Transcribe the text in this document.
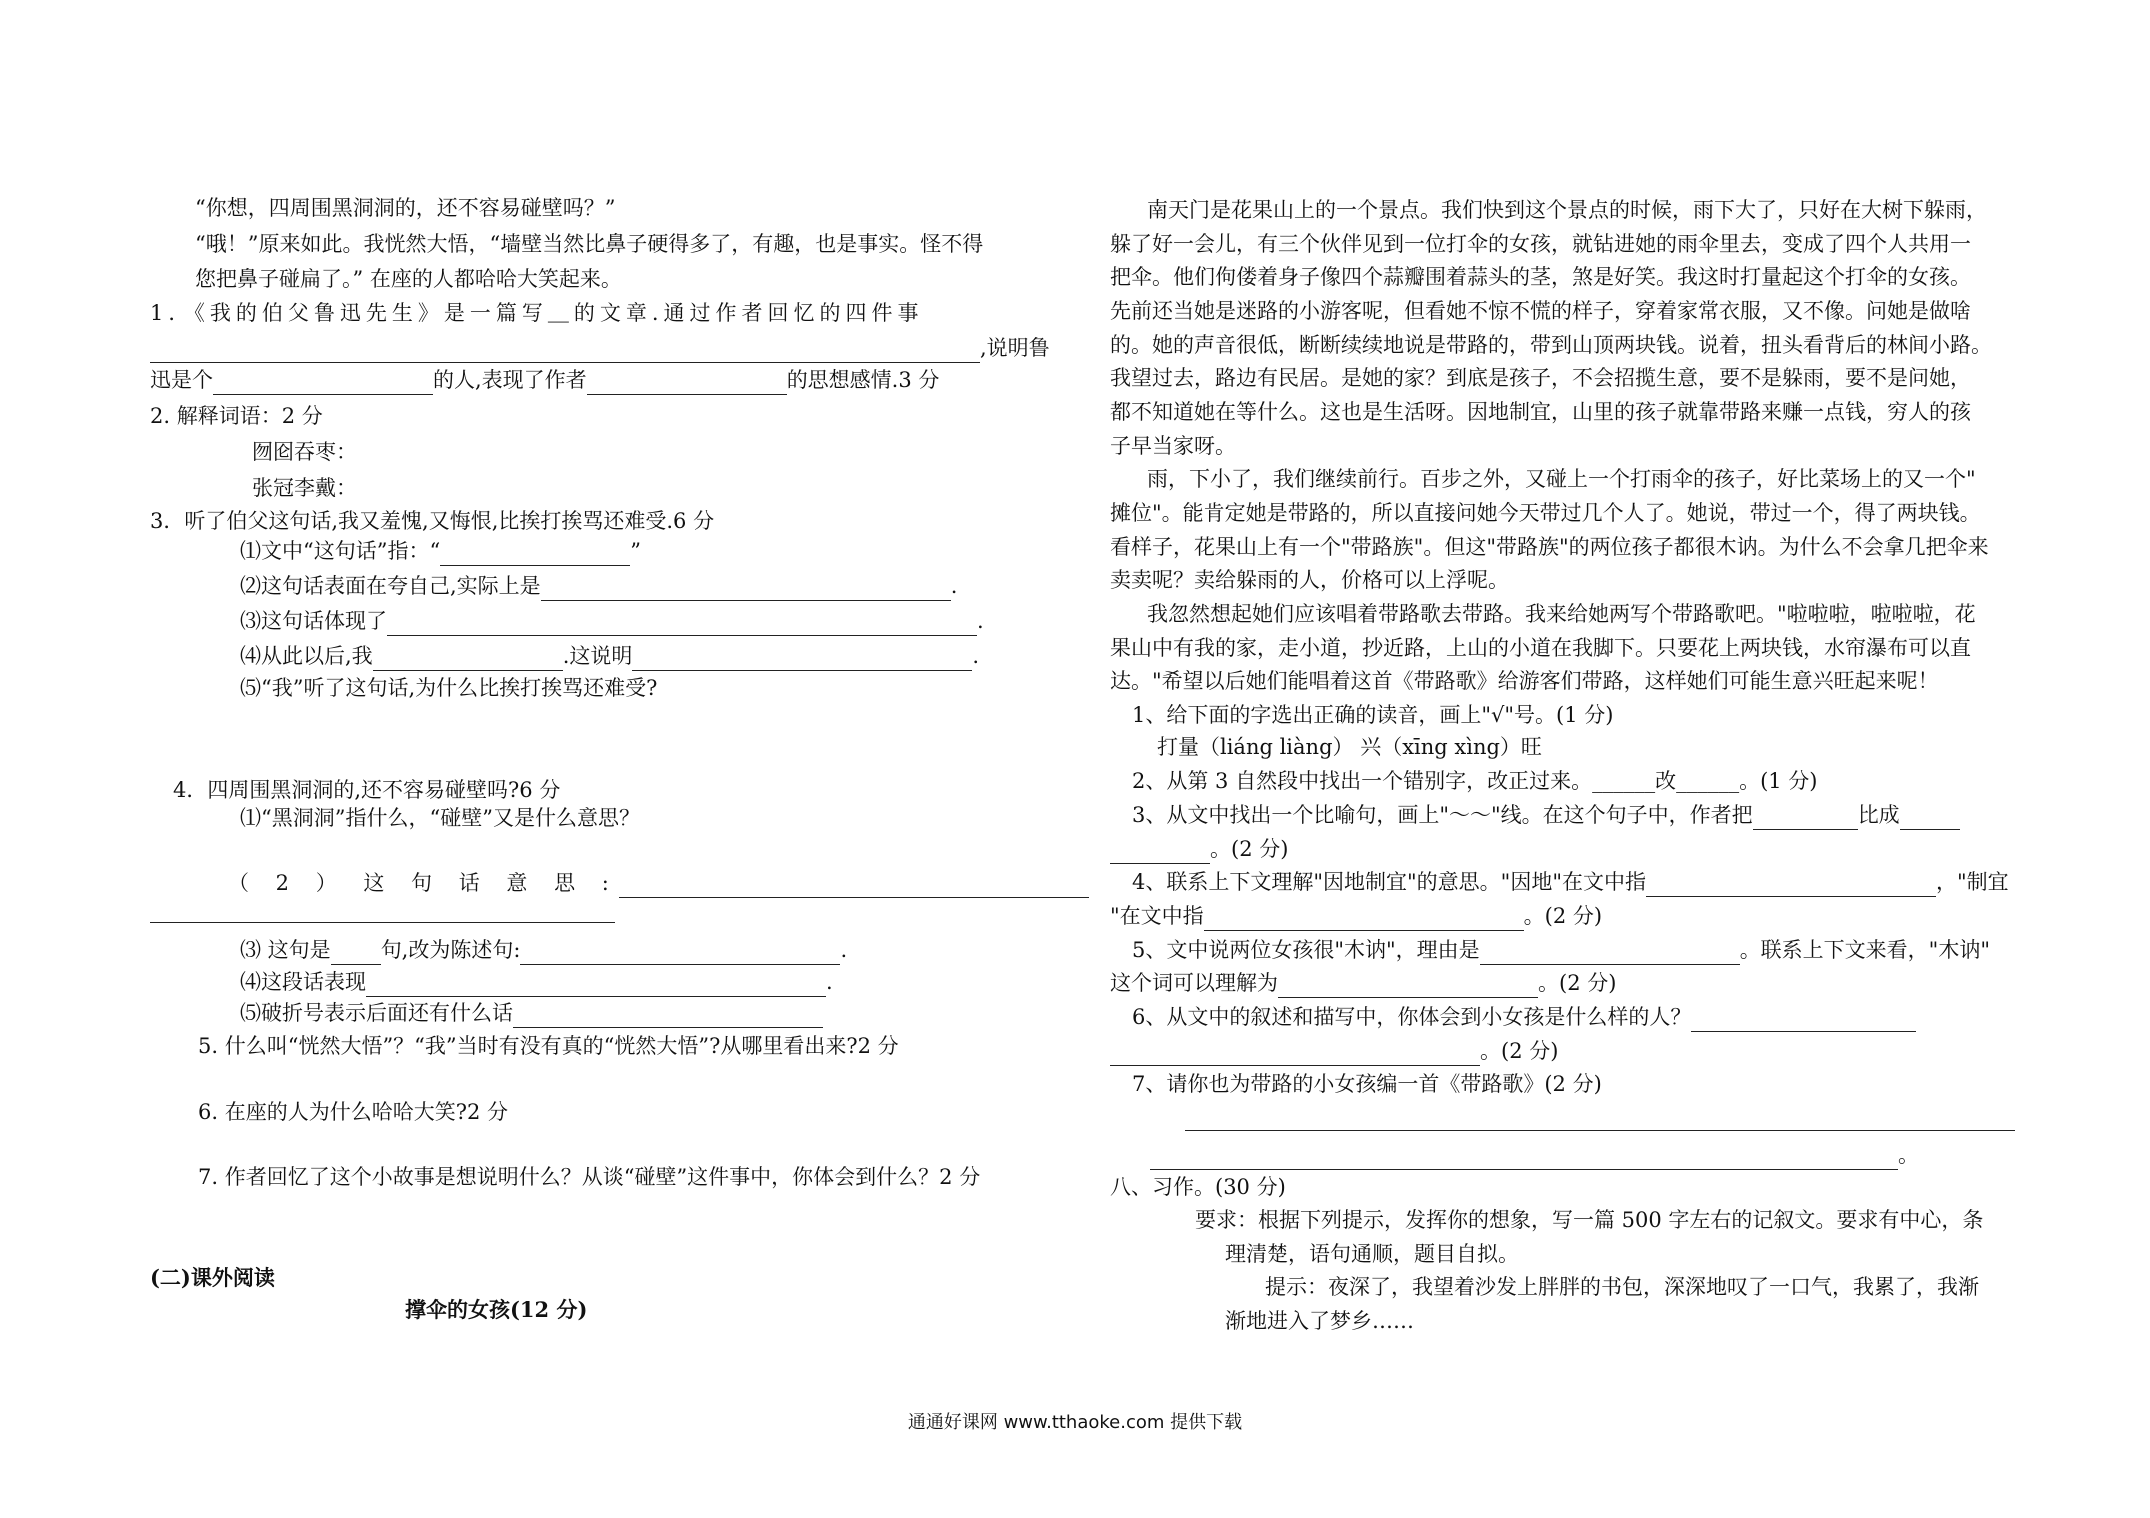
“你想，四周围黑洞洞的，还不容易碰壁吗？”
“哦！”原来如此。我恍然大悟，“墙壁当然比鼻子硬得多了，有趣，也是事实。怪不得
您把鼻子碰扁了。” 在座的人都哈哈大笑起来。
1．《我的伯父鲁迅先生》是一篇写＿的文章.通过作者回忆的四件事
,说明鲁
迅是个	的人,表现了作者	的思想感情.3 分
2. 解释词语：2 分
囫囵吞枣：
张冠李戴：
3．听了伯父这句话,我又羞愧,又悔恨,比挨打挨骂还难受.6 分
⑴文中“这句话”指：“	”
⑵这句话表面在夸自己,实际上是	.
⑶这句话体现了	.
⑷从此以后,我	.这说明	.
⑸“我”听了这句话,为什么比挨打挨骂还难受?
4．四周围黑洞洞的,还不容易碰壁吗?6 分
⑴“黑洞洞”指什么，“碰壁”又是什么意思？
（ 2 ） 这 句 话 意 思 :
⑶ 这句是 句,改为陈述句:	.
⑷这段话表现	.
⑸破折号表示后面还有什么话
5. 什么叫“恍然大悟”？“我”当时有没有真的“恍然大悟”?从哪里看出来?2 分
6. 在座的人为什么哈哈大笑?2 分
7. 作者回忆了这个小故事是想说明什么？从谈“碰壁”这件事中，你体会到什么？2 分
(二)课外阅读
撑伞的女孩(12 分)
南天门是花果山上的一个景点。我们快到这个景点的时候，雨下大了，只好在大树下躲雨，
躲了好一会儿，有三个伙伴见到一位打伞的女孩，就钻进她的雨伞里去，变成了四个人共用一
把伞。他们佝偻着身子像四个蒜瓣围着蒜头的茎，煞是好笑。我这时打量起这个打伞的女孩。
先前还当她是迷路的小游客呢，但看她不惊不慌的样子，穿着家常衣服，又不像。问她是做啥
的。她的声音很低，断断续续地说是带路的，带到山顶两块钱。说着，扭头看背后的林间小路。
我望过去，路边有民居。是她的家？到底是孩子，不会招揽生意，要不是躲雨，要不是问她，
都不知道她在等什么。这也是生活呀。因地制宜，山里的孩子就靠带路来赚一点钱，穷人的孩
子早当家呀。
雨，下小了，我们继续前行。百步之外，又碰上一个打雨伞的孩子，好比菜场上的又一个"
摊位"。能肯定她是带路的，所以直接问她今天带过几个人了。她说，带过一个，得了两块钱。
看样子，花果山上有一个"带路族"。但这"带路族"的两位孩子都很木讷。为什么不会拿几把伞来
卖卖呢？卖给躲雨的人，价格可以上浮呢。
我忽然想起她们应该唱着带路歌去带路。我来给她两写个带路歌吧。"啦啦啦，啦啦啦，花
果山中有我的家，走小道，抄近路，上山的小道在我脚下。只要花上两块钱，水帘瀑布可以直
达。"希望以后她们能唱着这首《带路歌》给游客们带路，这样她们可能生意兴旺起来呢！
1、给下面的字选出正确的读音，画上"√"号。(1 分)
打量（liáng liàng） 兴（xīng xìng）旺
2、从第 3 自然段中找出一个错别字，改正过来。______改______。(1 分)
3、从文中找出一个比喻句，画上"～～"线。在这个句子中，作者把	比成
。(2 分)
4、联系上下文理解"因地制宜"的意思。"因地"在文中指	，"制宜
"在文中指	。(2 分)
5、文中说两位女孩很"木讷"，理由是	。联系上下文来看，"木讷"
这个词可以理解为	。(2 分)
6、从文中的叙述和描写中，你体会到小女孩是什么样的人？
。(2 分)
7、请你也为带路的小女孩编一首《带路歌》(2 分)
。
八、习作。(30 分)
要求：根据下列提示，发挥你的想象，写一篇 500 字左右的记叙文。要求有中心，条
理清楚，语句通顺，题目自拟。
提示：夜深了，我望着沙发上胖胖的书包，深深地叹了一口气，我累了，我渐
渐地进入了梦乡……
通通好课网 www.tthaoke.com 提供下载
